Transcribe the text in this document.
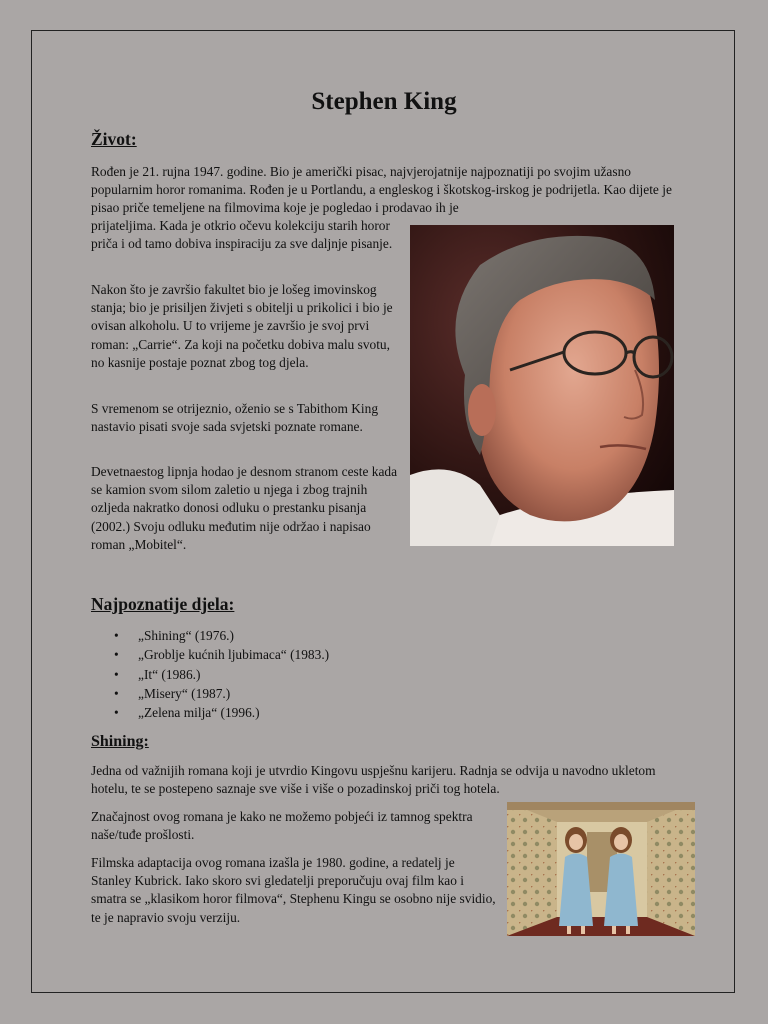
Stephen King
Život:

Rođen je 21. rujna 1947. godine. Bio je američki pisac, najvjerojatnije najpoznatiji po svojim užasno popularnim horor romanima. Rođen je u Portlandu, a engleskog i škotskog-irskog je podrijetla. Kao dijete je pisao priče temeljene na filmovima koje je pogledao i prodavao ih je

prijateljima. Kada je otkrio očevu kolekciju starih horor priča i od tamo dobiva inspiraciju za sve daljnje pisanje.

Nakon što je završio fakultet bio je lošeg imovinskog stanja; bio je prisiljen živjeti s obitelji u prikolici i bio je ovisan alkoholu. U to vrijeme je završio je svoj prvi roman: „Carrie“. Za koji na početku dobiva malu svotu, no kasnije postaje poznat zbog tog djela.

S vremenom se otrijeznio, oženio se s Tabithom King nastavio pisati svoje sada svjetski poznate romane.

Devetnaestog lipnja hodao je desnom stranom ceste kada se kamion svom silom zaletio u njega i zbog trajnih ozljeda nakratko donosi odluku o prestanku pisanja (2002.) Svoju odluku međutim nije održao i napisao roman „Mobitel“.

Najpoznatije djela:
• „Shining“ (1976.)
• „Groblje kućnih ljubimaca“ (1983.)
• „It“ (1986.)
• „Misery“ (1987.)
• „Zelena milja“ (1996.)
Shining:

Jedna od važnijih romana koji je utvrdio Kingovu uspješnu karijeru. Radnja se odvija u navodno ukletom hotelu, te se postepeno saznaje sve više i više o pozadinskoj priči tog hotela.

Značajnost ovog romana je kako ne možemo pobjeći iz tamnog spektra naše/tuđe prošlosti.

Filmska adaptacija ovog romana izašla je 1980. godine, a redatelj je Stanley Kubrick. Iako skoro svi gledatelji preporučuju ovaj film kao i smatra se „klasikom horor filmova“, Stephenu Kingu se osobno nije svidio, te je napravio svoju verziju.
